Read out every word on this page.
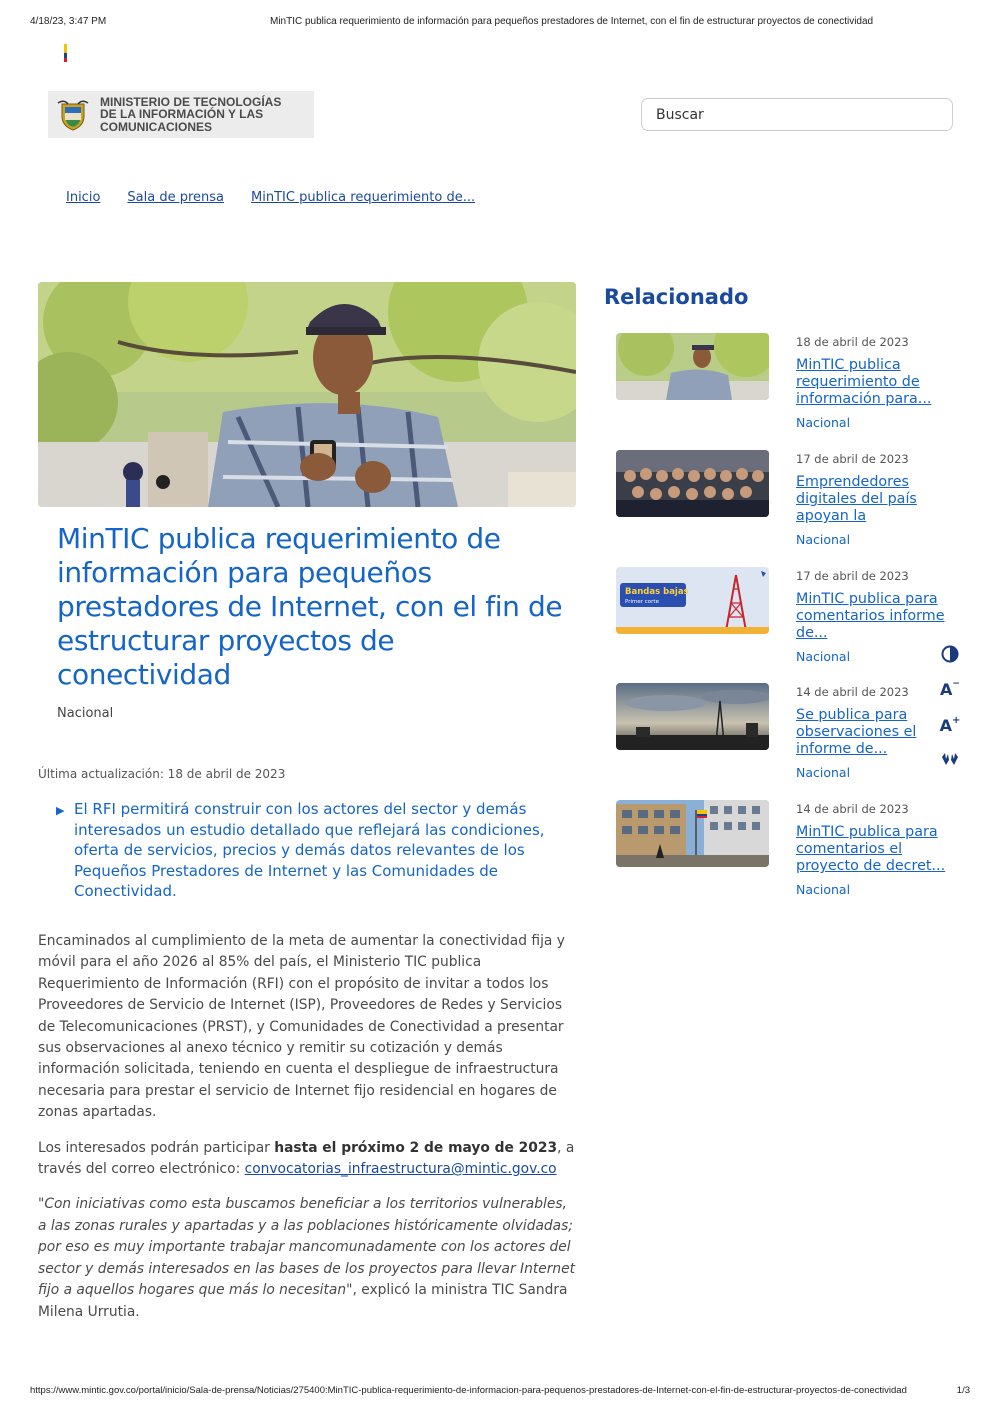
4/18/23, 3:47 PM	MinTIC publica requerimiento de información para pequeños prestadores de Internet, con el fin de estructurar proyectos de conectividad
MINISTERIO DE TECNOLOGÍAS
DE LA INFORMACIÓN Y LAS
COMUNICACIONES
Buscar
Inicio Sala de prensa MinTIC publica requerimiento de...
MinTIC publica requerimiento de información para pequeños prestadores de Internet, con el fin de estructurar proyectos de conectividad
Nacional
Última actualización: 18 de abril de 2023
▶ El RFI permitirá construir con los actores del sector y demás interesados un estudio detallado que reflejará las condiciones, oferta de servicios, precios y demás datos relevantes de los Pequeños Prestadores de Internet y las Comunidades de Conectividad.

Encaminados al cumplimiento de la meta de aumentar la conectividad fija y móvil para el año 2026 al 85% del país, el Ministerio TIC publica Requerimiento de Información (RFI) con el propósito de invitar a todos los Proveedores de Servicio de Internet (ISP), Proveedores de Redes y Servicios de Telecomunicaciones (PRST), y Comunidades de Conectividad a presentar sus observaciones al anexo técnico y remitir su cotización y demás información solicitada, teniendo en cuenta el despliegue de infraestructura necesaria para prestar el servicio de Internet fijo residencial en hogares de zonas apartadas.

Los interesados podrán participar hasta el próximo 2 de mayo de 2023, a través del correo electrónico: convocatorias_infraestructura@mintic.gov.co

"Con iniciativas como esta buscamos beneficiar a los territorios vulnerables, a las zonas rurales y apartadas y a las poblaciones históricamente olvidadas; por eso es muy importante trabajar mancomunadamente con los actores del sector y demás interesados en las bases de los proyectos para llevar Internet fijo a aquellos hogares que más lo necesitan", explicó la ministra TIC Sandra Milena Urrutia.

Relacionado
18 de abril de 2023
MinTIC publica requerimiento de información para...
Nacional
17 de abril de 2023
Emprendedores digitales del país apoyan la
Nacional
Bandas bajas
Primer corte
17 de abril de 2023
MinTIC publica para comentarios informe de...
Nacional
14 de abril de 2023
Se publica para observaciones el informe de...
Nacional
14 de abril de 2023
MinTIC publica para comentarios el proyecto de decret...
Nacional
A −
A +
https://www.mintic.gov.co/portal/inicio/Sala-de-prensa/Noticias/275400:MinTIC-publica-requerimiento-de-informacion-para-pequenos-prestadores-de-Internet-con-el-fin-de-estructurar-proyectos-de-conectividad	1/3
